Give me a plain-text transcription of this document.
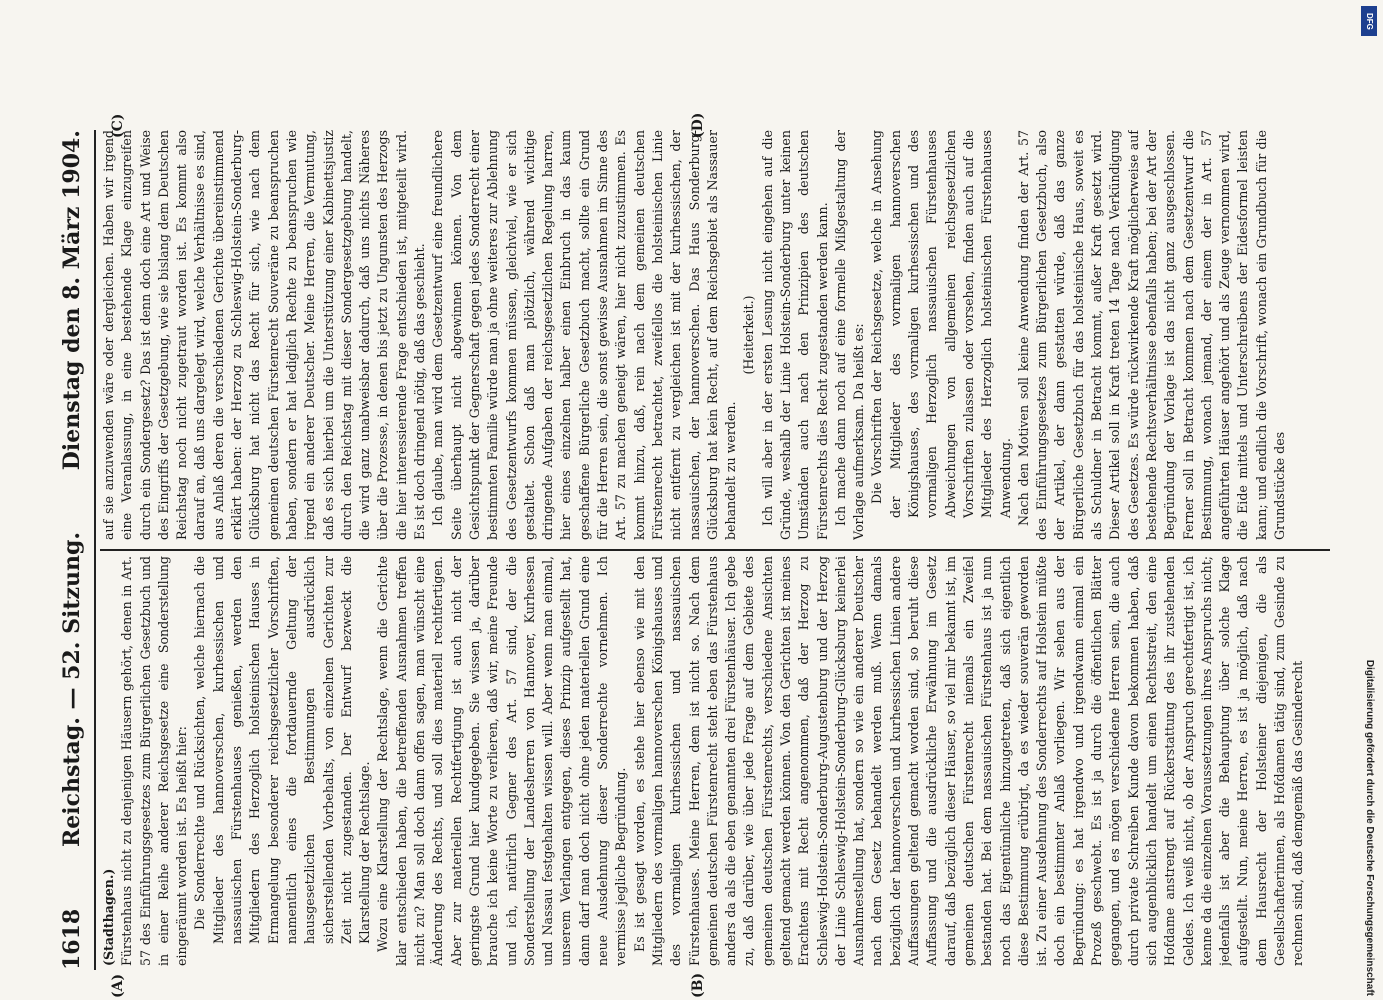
1618
Reichstag. — 52. Sitzung.
Dienstag den 8. März 1904.
(A)	(B)
(C)	(D)

(Stadthagen.) Fürstenhaus nicht zu denjenigen Häusern gehört, denen in Art. 57 des Einführungsgesetzes zum Bürgerlichen Gesetzbuch und in einer Reihe anderer Reichsgesetze eine Sonderstellung eingeräumt worden ist. Es heißt hier: Die Sonderrechte und Rücksichten, welche hiernach die Mitglieder des hannoverschen, kurhessischen und nassauischen Fürstenhauses genießen, werden den Mitgliedern des Herzoglich holsteinischen Hauses in Ermangelung besonderer reichsgesetzlicher Vorschriften, namentlich eines die fortdauernde Geltung der hausgesetzlichen Bestimmungen ausdrücklich sicherstellenden Vorbehalts, von einzelnen Gerichten zur Zeit nicht zugestanden. Der Entwurf bezweckt die Klarstellung der Rechtslage. Wozu eine Klarstellung der Rechtslage, wenn die Gerichte klar entschieden haben, die betreffenden Ausnahmen treffen nicht zu? Man soll doch dann offen sagen, man wünscht eine Änderung des Rechts, und soll dies materiell rechtfertigen. Aber zur materiellen Rechtfertigung ist auch nicht der geringste Grund hier kundgegeben. Sie wissen ja, darüber brauche ich keine Worte zu verlieren, daß wir, meine Freunde und ich, natürlich Gegner des Art. 57 sind, der die Sonderstellung der Landesherren von Hannover, Kurhessen und Nassau festgehalten wissen will. Aber wenn man einmal, unserem Verlangen entgegen, dieses Prinzip aufgestellt hat, dann darf man doch nicht ohne jeden materiellen Grund eine neue Ausdehnung dieser Sonderrechte vornehmen. Ich vermisse jegliche Begründung. Es ist gesagt worden, es stehe hier ebenso wie mit den Mitgliedern des vormaligen hannoverschen Königshauses und des vormaligen kurhessischen und nassauischen Fürstenhauses. Meine Herren, dem ist nicht so. Nach dem gemeinen deutschen Fürstenrecht steht eben das Fürstenhaus anders da als die eben genannten drei Fürstenhäuser. Ich gebe zu, daß darüber, wie über jede Frage auf dem Gebiete des gemeinen deutschen Fürstenrechts, verschiedene Ansichten geltend gemacht werden können. Von den Gerichten ist meines Erachtens mit Recht angenommen, daß der Herzog zu Schleswig-Holstein-Sonderburg-Augustenburg und der Herzog der Linie Schleswig-Holstein-Sonderburg-Glücksburg keinerlei Ausnahmestellung hat, sondern so wie ein anderer Deutscher nach dem Gesetz behandelt werden muß. Wenn damals bezüglich der hannoverschen und kurhessischen Linien andere Auffassungen geltend gemacht worden sind, so beruht diese Auffassung und die ausdrückliche Erwähnung im Gesetz darauf, daß bezüglich dieser Häuser, so viel mir bekannt ist, im gemeinen deutschen Fürstenrecht niemals ein Zweifel bestanden hat. Bei dem nassauischen Fürstenhaus ist ja nun noch das Eigentümliche hinzugetreten, daß sich eigentlich diese Bestimmung erübrigt, da es wieder souverän geworden ist. Zu einer Ausdehnung des Sonderrechts auf Holstein müßte doch ein bestimmter Anlaß vorliegen. Wir sehen aus der Begründung: es hat irgendwo und irgendwann einmal ein Prozeß geschwebt. Es ist ja durch die öffentlichen Blätter gegangen, und es mögen verschiedene Herren sein, die auch durch private Schreiben Kunde davon bekommen haben, daß sich augenblicklich handelt um einen Rechtsstreit, den eine Hofdame anstrengt auf Rückerstattung des ihr zustehenden Geldes. Ich weiß nicht, ob der Anspruch gerechtfertigt ist, ich kenne da die einzelnen Voraussetzungen ihres Anspruchs nicht; jedenfalls ist aber die Behauptung über solche Klage aufgestellt. Nun, meine Herren, es ist ja möglich, daß nach dem Hausrecht der Holsteiner diejenigen, die als Gesellschafterinnen, als Hofdamen tätig sind, zum Gesinde zu rechnen sind, daß demgemäß das Gesinderecht

auf sie anzuwenden wäre oder dergleichen. Haben wir irgend eine Veranlassung, in eine bestehende Klage einzugreifen durch ein Sondergesetz? Das ist denn doch eine Art und Weise des Eingriffs der Gesetzgebung, wie sie bislang dem Deutschen Reichstag noch nicht zugetraut worden ist. Es kommt also darauf an, daß uns dargelegt wird, welche Verhältnisse es sind, aus Anlaß deren die verschiedenen Gerichte übereinstimmend erklärt haben: der Herzog zu Schleswig-Holstein-Sonderburg-Glücksburg hat nicht das Recht für sich, wie nach dem gemeinen deutschen Fürstenrecht Souveräne zu beanspruchen haben, sondern er hat lediglich Rechte zu beanspruchen wie irgend ein anderer Deutscher. Meine Herren, die Vermutung, daß es sich hierbei um die Unterstützung einer Kabinettsjustiz durch den Reichstag mit dieser Sondergesetzgebung handelt, die wird ganz unabweisbar dadurch, daß uns nichts Näheres über die Prozesse, in denen bis jetzt zu Ungunsten des Herzogs die hier interessierende Frage entschieden ist, mitgeteilt wird. Es ist doch dringend nötig, daß das geschieht. Ich glaube, man wird dem Gesetzentwurf eine freundlichere Seite überhaupt nicht abgewinnen können. Von dem Gesichtspunkt der Gegnerschaft gegen jedes Sonderrecht einer bestimmten Familie würde man ja ohne weiteres zur Ablehnung des Gesetzentwurfs kommen müssen, gleichviel, wie er sich gestaltet. Schon daß man plötzlich, während wichtige dringende Aufgaben der reichsgesetzlichen Regelung harren, hier eines einzelnen halber einen Einbruch in das kaum geschaffene Bürgerliche Gesetzbuch macht, sollte ein Grund für die Herren sein, die sonst gewisse Ausnahmen im Sinne des Art. 57 zu machen geneigt wären, hier nicht zuzustimmen. Es kommt hinzu, daß, rein nach dem gemeinen deutschen Fürstenrecht betrachtet, zweifellos die holsteinischen Linie nicht entfernt zu vergleichen ist mit der kurhessischen, der nassauischen, der hannoverschen. Das Haus Sonderburg-Glücksburg hat kein Recht, auf dem Reichsgebiet als Nassauer behandelt zu werden.

(Heiterkeit.) Ich will aber in der ersten Lesung nicht eingehen auf die Gründe, weshalb der Linie Holstein-Sonderburg unter keinen Umständen auch nach den Prinzipien des deutschen Fürstenrechts dies Recht zugestanden werden kann. Ich mache dann noch auf eine formelle Mißgestaltung der Vorlage aufmerksam. Da heißt es: Die Vorschriften der Reichsgesetze, welche in Ansehung der Mitglieder des vormaligen hannoverschen Königshauses, des vormaligen kurhessischen und des vormaligen Herzoglich nassauischen Fürstenhauses Abweichungen von allgemeinen reichsgesetzlichen Vorschriften zulassen oder vorsehen, finden auch auf die Mitglieder des Herzoglich holsteinischen Fürstenhauses Anwendung. Nach den Motiven soll keine Anwendung finden der Art. 57 des Einführungsgesetzes zum Bürgerlichen Gesetzbuch, also der Artikel, der dann gestatten würde, daß das ganze Bürgerliche Gesetzbuch für das holsteinische Haus, soweit es als Schuldner in Betracht kommt, außer Kraft gesetzt wird. Dieser Artikel soll in Kraft treten 14 Tage nach Verkündigung des Gesetzes. Es würde rückwirkende Kraft möglicherweise auf bestehende Rechtsverhältnisse ebenfalls haben; bei der Art der Begründung der Vorlage ist das nicht ganz ausgeschlossen. Ferner soll in Betracht kommen nach dem Gesetzentwurf die Bestimmung, wonach jemand, der einem der in Art. 57 angeführten Häuser angehört und als Zeuge vernommen wird, die Eide mittels und Unterschreibens der Eidesformel leisten kann; und endlich die Vorschrift, wonach ein Grundbuch für die Grundstücke des

DFG
Digitalisierung gefördert durch die Deutsche Forschungsgemeinschaft
